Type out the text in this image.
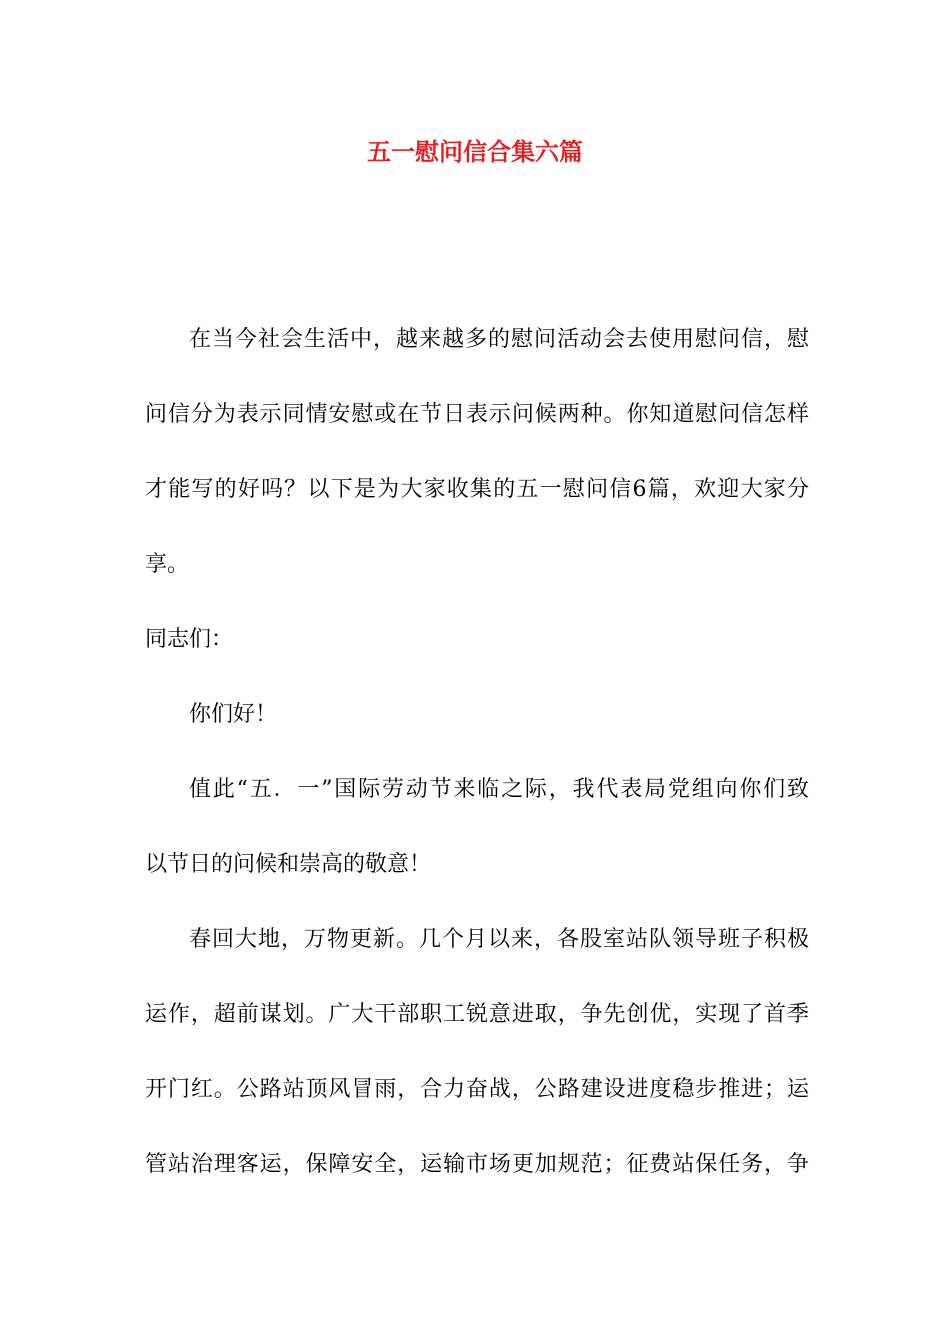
五一慰问信合集六篇
在当今社会生活中，越来越多的慰问活动会去使用慰问信，慰
问信分为表示同情安慰或在节日表示问候两种。你知道慰问信怎样
才能写的好吗？以下是为大家收集的五一慰问信6篇，欢迎大家分
享。
同志们：
你们好！
值此“五．一”国际劳动节来临之际，我代表局党组向你们致
以节日的问候和崇高的敬意！
春回大地，万物更新。几个月以来，各股室站队领导班子积极
运作，超前谋划。广大干部职工锐意进取，争先创优，实现了首季
开门红。公路站顶风冒雨，合力奋战，公路建设进度稳步推进；运
管站治理客运，保障安全，运输市场更加规范；征费站保任务，争
